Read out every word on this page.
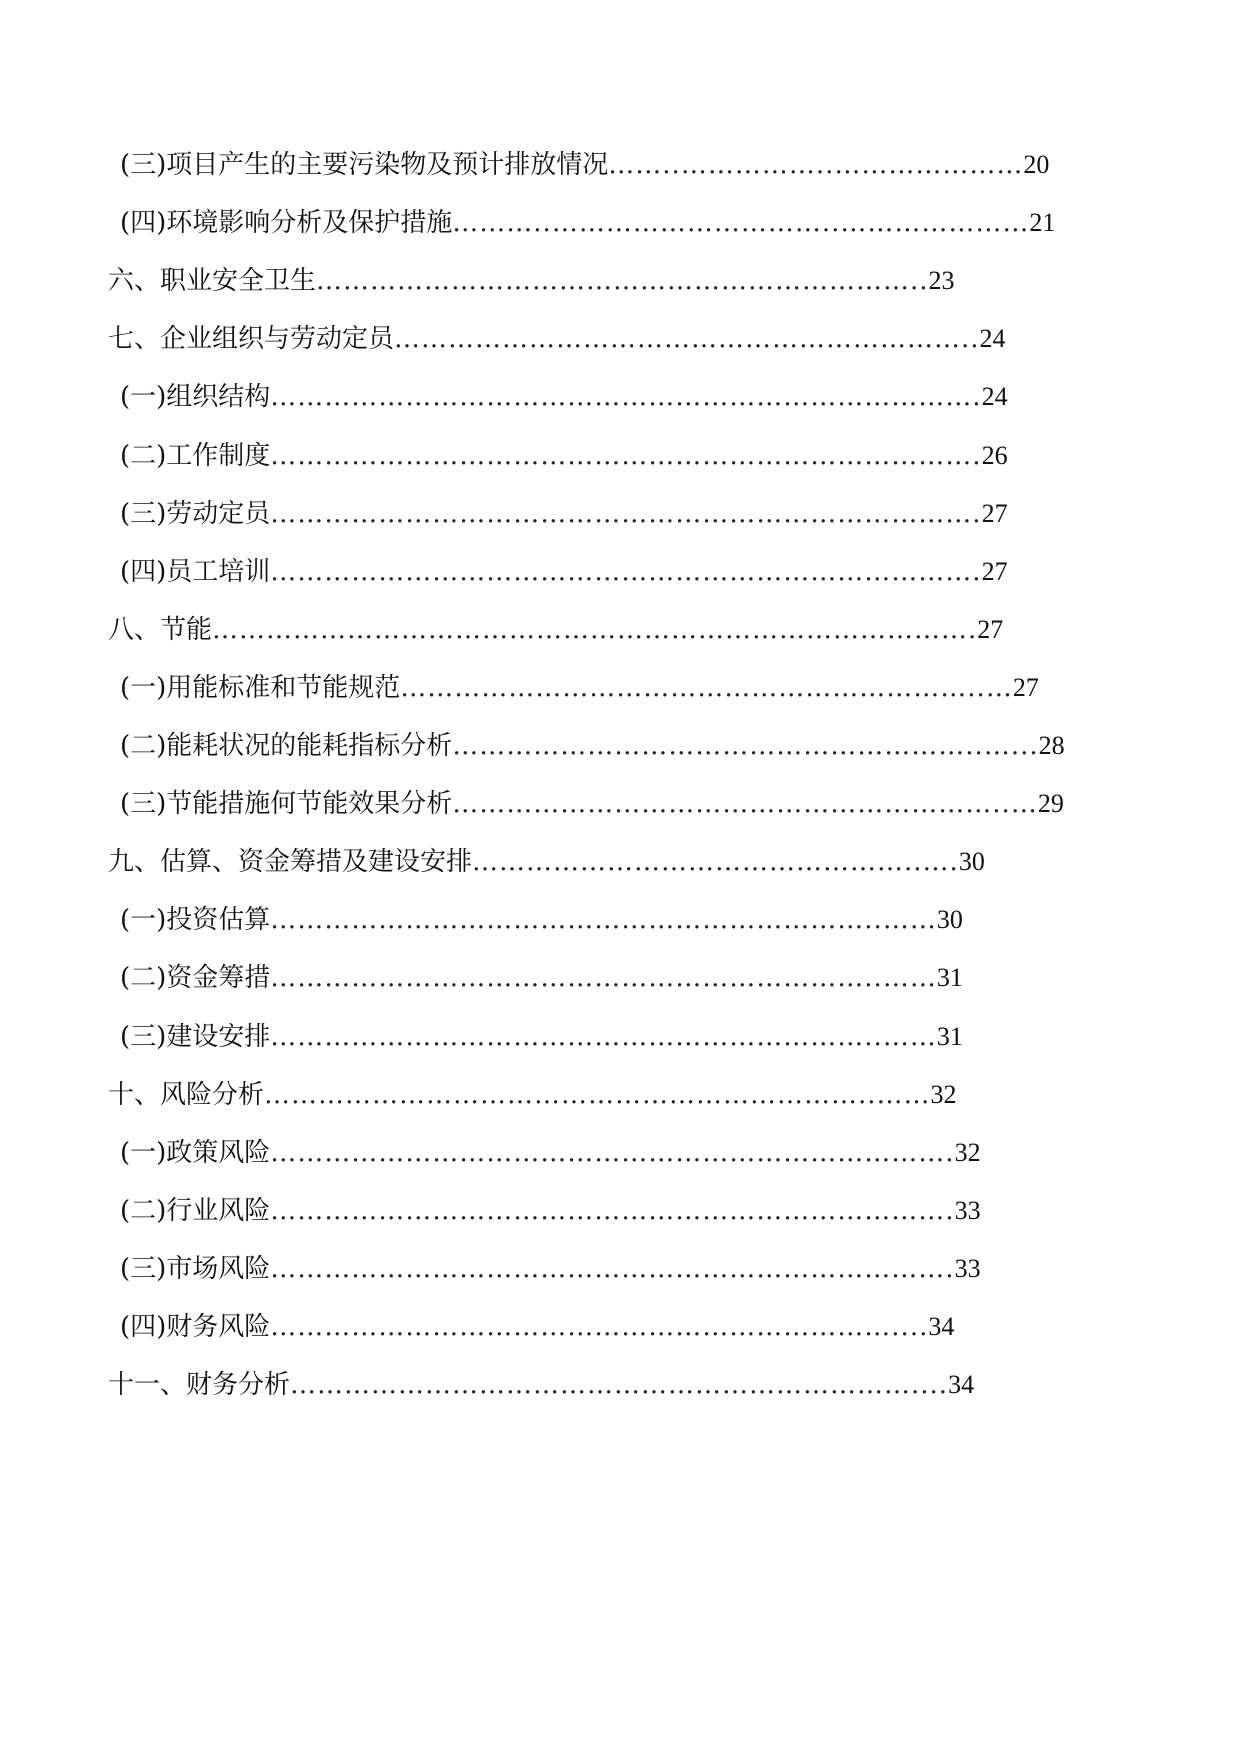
(三)项目产生的主要污染物及预计排放情况 ……..……………..………………… 20
(四)环境影响分析及保护措施 ………..…………………………..………………… 21
六、职业安全卫生 ………………………………………………………….. 23
七、企业组织与劳动定员 ……………………………………………………….. 24
(一)组织结构 ……………………………………………………………………. 24
(二)工作制度 ……………………………………………………………………. 26
(三)劳动定员 ……………………………………………………………………. 27
(四)员工培训 ……………………………………………………………………. 27
八、节能 …………………………………………………………………………. 27
(一)用能标准和节能规范 ………………………………………………………..… 27
(二)能耗状况的能耗指标分析 …………………………………………………..…... 28
(三)节能措施何节能效果分析 ……………………………………………………..… 29
九、估算、资金筹措及建设安排 …………………………………………..…. 30
(一)投资估算 …………………………………………………………..…… 30
(二)资金筹措 …………………………………………………………..…… 31
(三)建设安排 …………………………………………………………..…… 31
十、风险分析 …………………………………………………………..…… 32
(一)政策风险 …………………………………………………………………. 32
(二)行业风险 …………………………………………………………………. 33
(三)市场风险 …………………………………………………………………. 33
(四)财务风险 …………………………………………………………….... 34
十一、财务分析 …………………………………………………………….... 34
